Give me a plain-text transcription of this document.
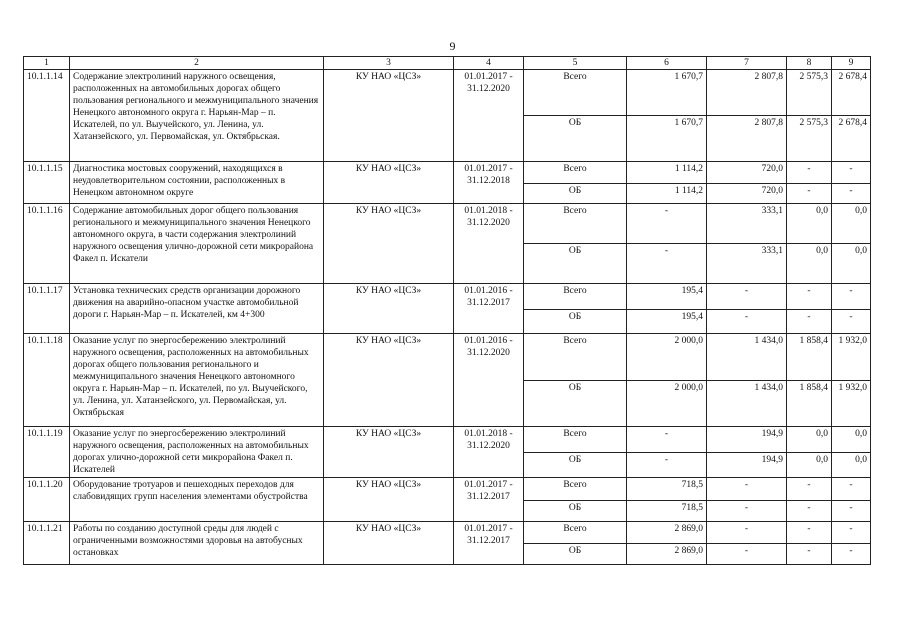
9
1	2	3	4	5	6	7	8	9
10.1.1.14	Содержание электролиний наружного освещения, расположенных на автомобильных дорогах общего пользования регионального и межмуниципального значения Ненецкого автономного округа г. Нарьян-Мар – п. Искателей, по ул. Выучейского, ул. Ленина, ул. Хатанзейского, ул. Первомайская, ул. Октябрьская.	КУ НАО «ЦСЗ»	01.01.2017 - 31.12.2020	Всего	1 670,7	2 807,8	2 575,3	2 678,4
				ОБ	1 670,7	2 807,8	2 575,3	2 678,4
10.1.1.15	Диагностика мостовых сооружений, находящихся в неудовлетворительном состоянии, расположенных в Ненецком автономном округе	КУ НАО «ЦСЗ»	01.01.2017 - 31.12.2018	Всего	1 114,2	720,0	-	-
				ОБ	1 114,2	720,0	-	-
10.1.1.16	Содержание автомобильных дорог общего пользования регионального и межмуниципального значения Ненецкого автономного округа, в части содержания электролиний наружного освещения улично-дорожной сети микрорайона Факел п. Искатели	КУ НАО «ЦСЗ»	01.01.2018 - 31.12.2020	Всего	-	333,1	0,0	0,0
				ОБ	-	333,1	0,0	0,0
10.1.1.17	Установка технических средств организации дорожного движения на аварийно-опасном участке автомобильной дороги г. Нарьян-Мар – п. Искателей, км 4+300	КУ НАО «ЦСЗ»	01.01.2016 - 31.12.2017	Всего	195,4	-	-	-
				ОБ	195,4	-	-	-
10.1.1.18	Оказание услуг по энергосбережению электролиний наружного освещения, расположенных на автомобильных дорогах общего пользования регионального и межмуниципального значения Ненецкого автономного округа г. Нарьян-Мар – п. Искателей, по ул. Выучейского, ул. Ленина, ул. Хатанзейского, ул. Первомайская, ул. Октябрьская	КУ НАО «ЦСЗ»	01.01.2016 - 31.12.2020	Всего	2 000,0	1 434,0	1 858,4	1 932,0
				ОБ	2 000,0	1 434,0	1 858,4	1 932,0
10.1.1.19	Оказание услуг по энергосбережению электролиний наружного освещения, расположенных на автомобильных дорогах улично-дорожной сети микрорайона Факел п. Искателей	КУ НАО «ЦСЗ»	01.01.2018 - 31.12.2020	Всего	-	194,9	0,0	0,0
				ОБ	-	194,9	0,0	0,0
10.1.1.20	Оборудование тротуаров и пешеходных переходов для слабовидящих групп населения элементами обустройства	КУ НАО «ЦСЗ»	01.01.2017 - 31.12.2017	Всего	718,5	-	-	-
				ОБ	718,5	-	-	-
10.1.1.21	Работы по созданию доступной среды для людей с ограниченными возможностями здоровья на автобусных остановках	КУ НАО «ЦСЗ»	01.01.2017 - 31.12.2017	Всего	2 869,0	-	-	-
				ОБ	2 869,0	-	-	-
